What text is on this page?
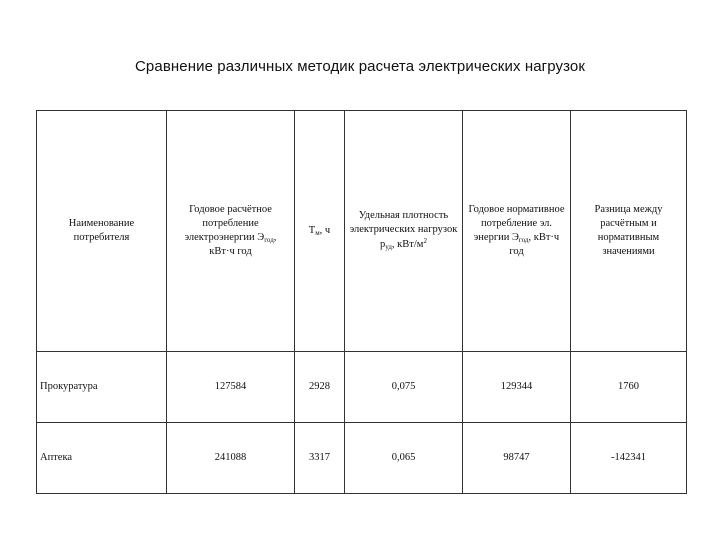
Сравнение различных методик расчета электрических нагрузок
Наименование потребителя	Годовое расчётное потребление электроэнергии $Э_{год}$, кВт·ч год	$Т_м$, ч	Удельная плотность электрических нагрузок $p_{уд}$, кВт/$м^2$	Годовое нормативное потребление эл. энергии $Э_{год}$, кВт·ч год	Разница между расчётным и нормативным значениями
Прокуратура	127584	2928	0,075	129344	1760
Аптека	241088	3317	0,065	98747	-142341
